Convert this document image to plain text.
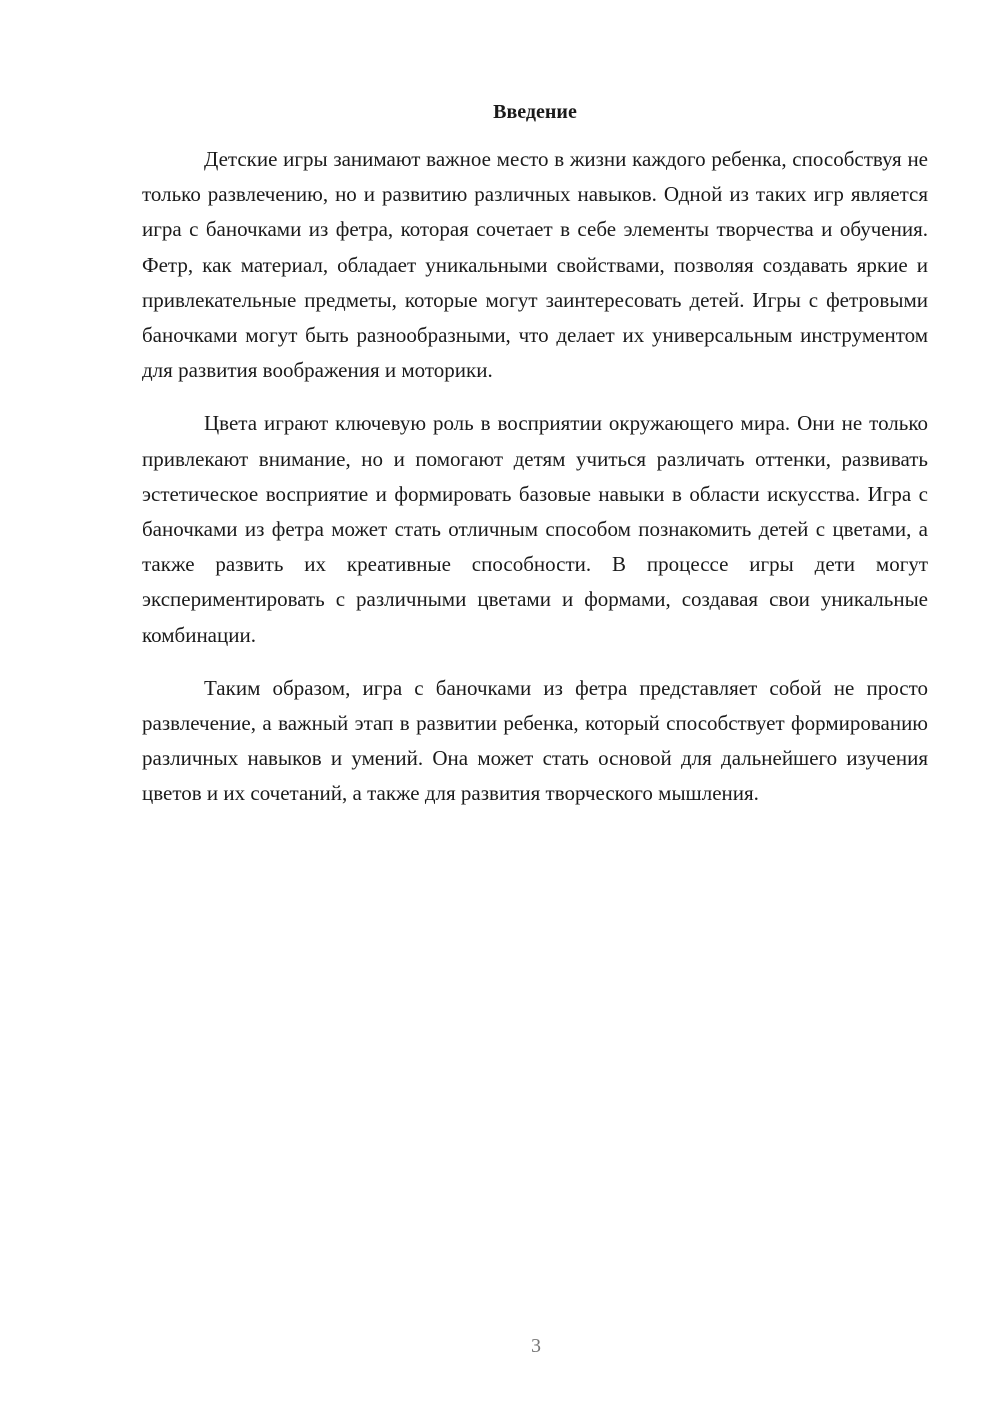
Введение

Детские игры занимают важное место в жизни каждого ребенка, способствуя не только развлечению, но и развитию различных навыков. Одной из таких игр является игра с баночками из фетра, которая сочетает в себе элементы творчества и обучения. Фетр, как материал, обладает уникальными свойствами, позволяя создавать яркие и привлекательные предметы, которые могут заинтересовать детей. Игры с фетровыми баночками могут быть разнообразными, что делает их универсальным инструментом для развития воображения и моторики.

Цвета играют ключевую роль в восприятии окружающего мира. Они не только привлекают внимание, но и помогают детям учиться различать оттенки, развивать эстетическое восприятие и формировать базовые навыки в области искусства. Игра с баночками из фетра может стать отличным способом познакомить детей с цветами, а также развить их креативные способности. В процессе игры дети могут экспериментировать с различными цветами и формами, создавая свои уникальные комбинации.

Таким образом, игра с баночками из фетра представляет собой не просто развлечение, а важный этап в развитии ребенка, который способствует формированию различных навыков и умений. Она может стать основой для дальнейшего изучения цветов и их сочетаний, а также для развития творческого мышления.

3
